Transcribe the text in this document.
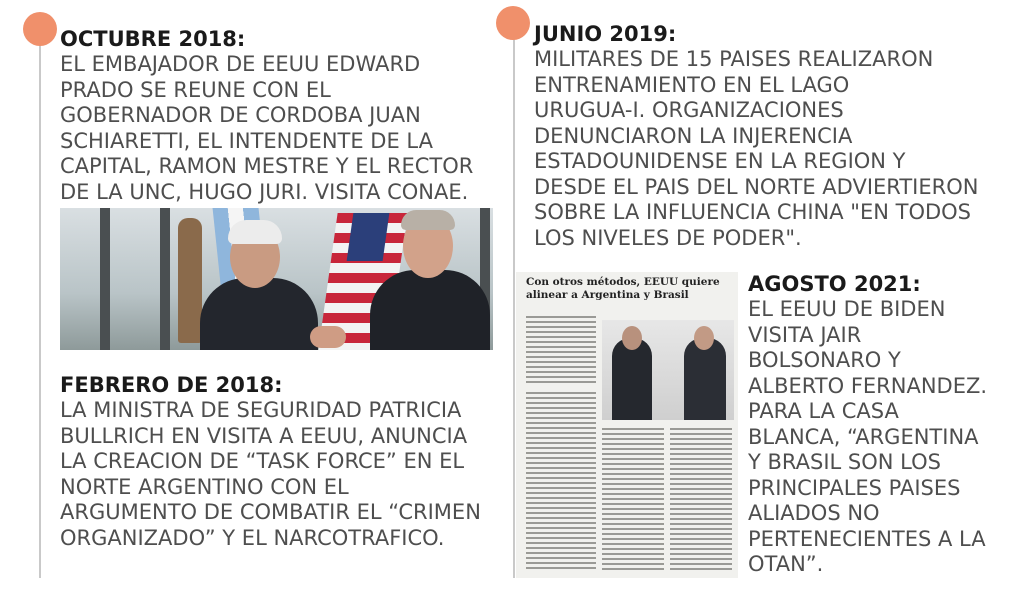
OCTUBRE 2018:

EL EMBAJADOR DE EEUU EDWARD
PRADO SE REUNE CON EL
GOBERNADOR DE CORDOBA JUAN
SCHIARETTI, EL INTENDENTE DE LA
CAPITAL, RAMON MESTRE Y EL RECTOR
DE LA UNC, HUGO JURI. VISITA CONAE.

FEBRERO DE 2018:

LA MINISTRA DE SEGURIDAD PATRICIA
BULLRICH EN VISITA A EEUU, ANUNCIA
LA CREACION DE “TASK FORCE” EN EL
NORTE ARGENTINO CON EL
ARGUMENTO DE COMBATIR EL “CRIMEN
ORGANIZADO” Y EL NARCOTRAFICO.

JUNIO 2019:

MILITARES DE 15 PAISES REALIZARON
ENTRENAMIENTO EN EL LAGO
URUGUA-I. ORGANIZACIONES
DENUNCIARON LA INJERENCIA
ESTADOUNIDENSE EN LA REGION Y
DESDE EL PAIS DEL NORTE ADVIERTIERON
SOBRE LA INFLUENCIA CHINA "EN TODOS
LOS NIVELES DE PODER".

Con otros métodos, EEUU quiere alinear a Argentina y Brasil	AGOSTO 2021:

EL EEUU DE BIDEN
VISITA JAIR
BOLSONARO Y
ALBERTO FERNANDEZ.
PARA LA CASA
BLANCA, “ARGENTINA
Y BRASIL SON LOS
PRINCIPALES PAISES
ALIADOS NO
PERTENECIENTES A LA
OTAN”.
